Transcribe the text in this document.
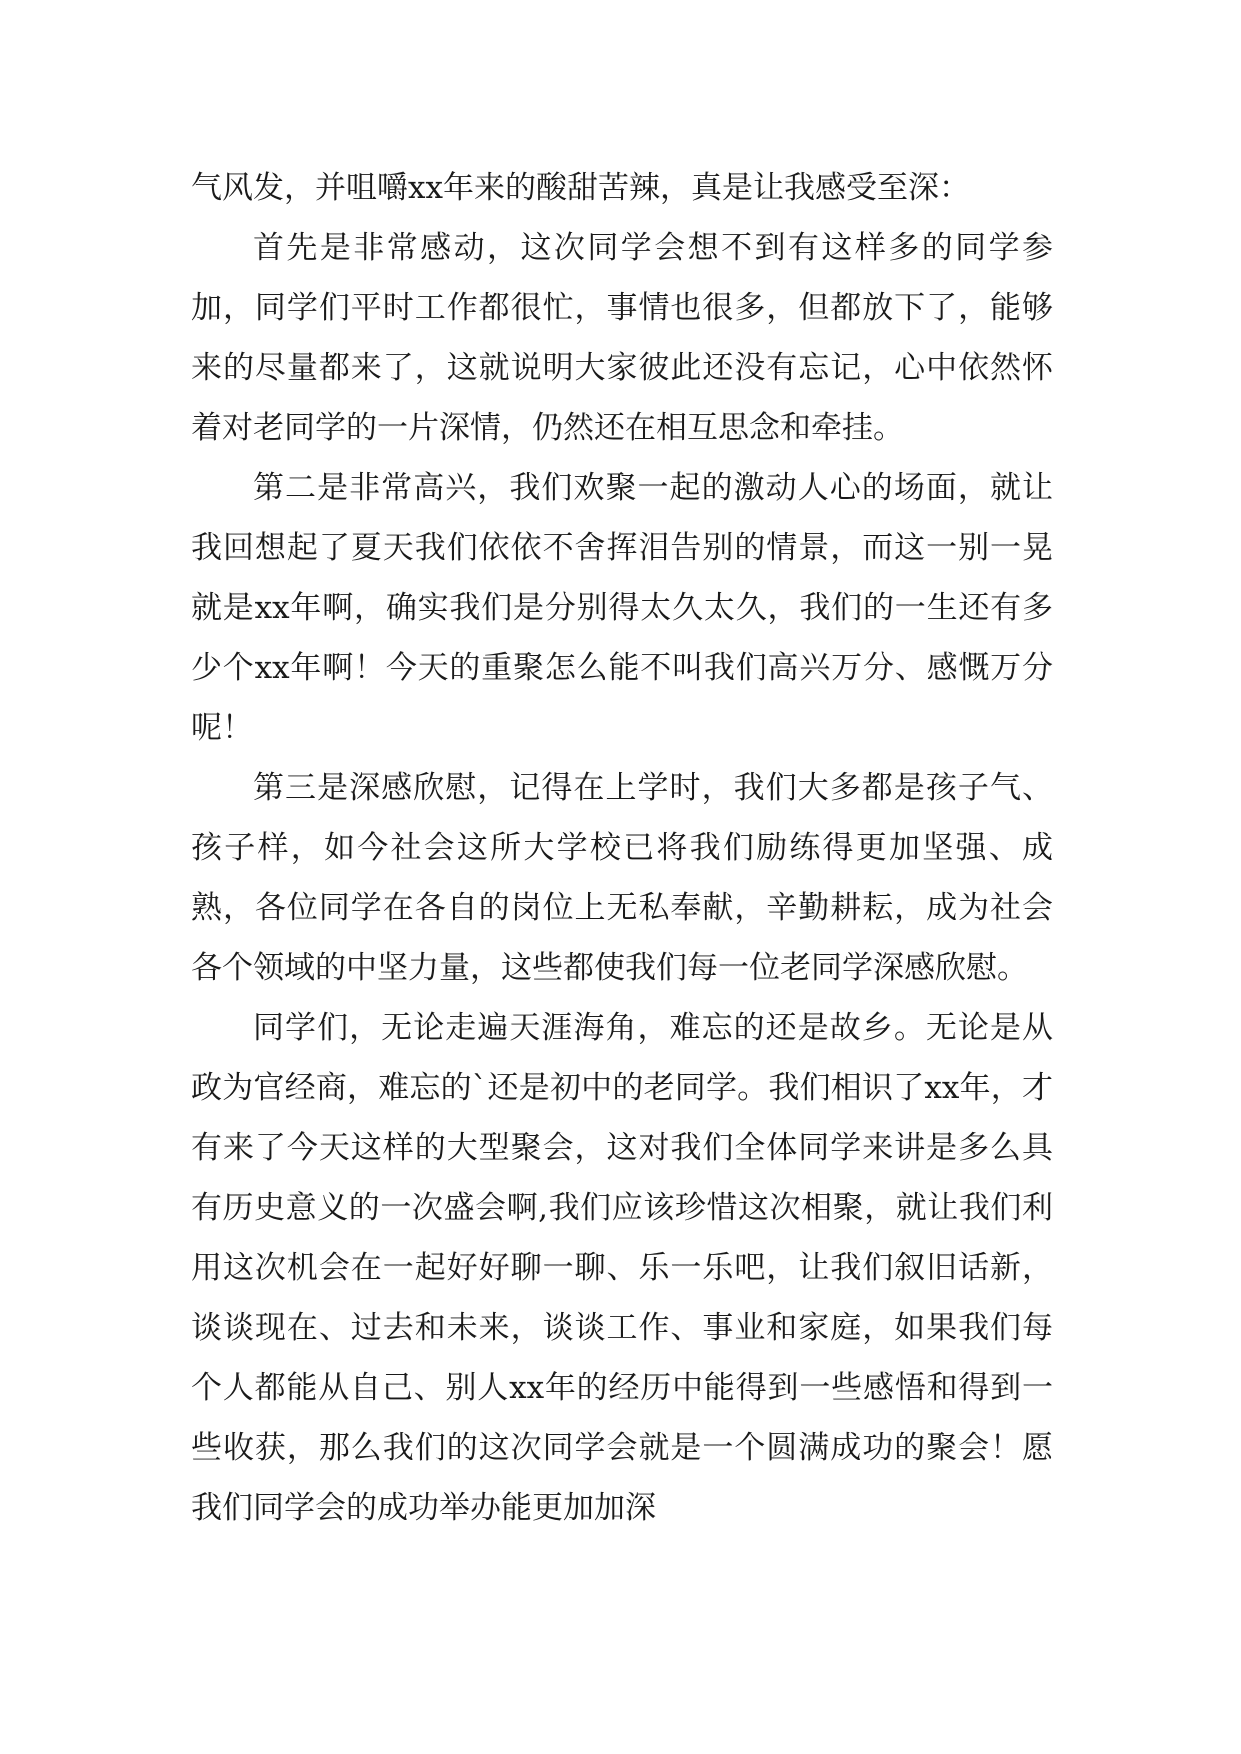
气风发，并咀嚼xx年来的酸甜苦辣，真是让我感受至深：

首先是非常感动，这次同学会想不到有这样多的同学参加，同学们平时工作都很忙，事情也很多，但都放下了，能够来的尽量都来了，这就说明大家彼此还没有忘记，心中依然怀着对老同学的一片深情，仍然还在相互思念和牵挂。

第二是非常高兴，我们欢聚一起的激动人心的场面，就让我回想起了夏天我们依依不舍挥泪告别的情景，而这一别一晃就是xx年啊，确实我们是分别得太久太久，我们的一生还有多少个xx年啊！今天的重聚怎么能不叫我们高兴万分、感慨万分呢！

第三是深感欣慰，记得在上学时，我们大多都是孩子气、孩子样，如今社会这所大学校已将我们励练得更加坚强、成熟，各位同学在各自的岗位上无私奉献，辛勤耕耘，成为社会各个领域的中坚力量，这些都使我们每一位老同学深感欣慰。

同学们，无论走遍天涯海角，难忘的还是故乡。无论是从政为官经商，难忘的`还是初中的老同学。我们相识了xx年，才有来了今天这样的大型聚会，这对我们全体同学来讲是多么具有历史意义的一次盛会啊,我们应该珍惜这次相聚，就让我们利用这次机会在一起好好聊一聊、乐一乐吧，让我们叙旧话新，谈谈现在、过去和未来，谈谈工作、事业和家庭，如果我们每个人都能从自己、别人xx年的经历中能得到一些感悟和得到一些收获，那么我们的这次同学会就是一个圆满成功的聚会！愿我们同学会的成功举办能更加加深
